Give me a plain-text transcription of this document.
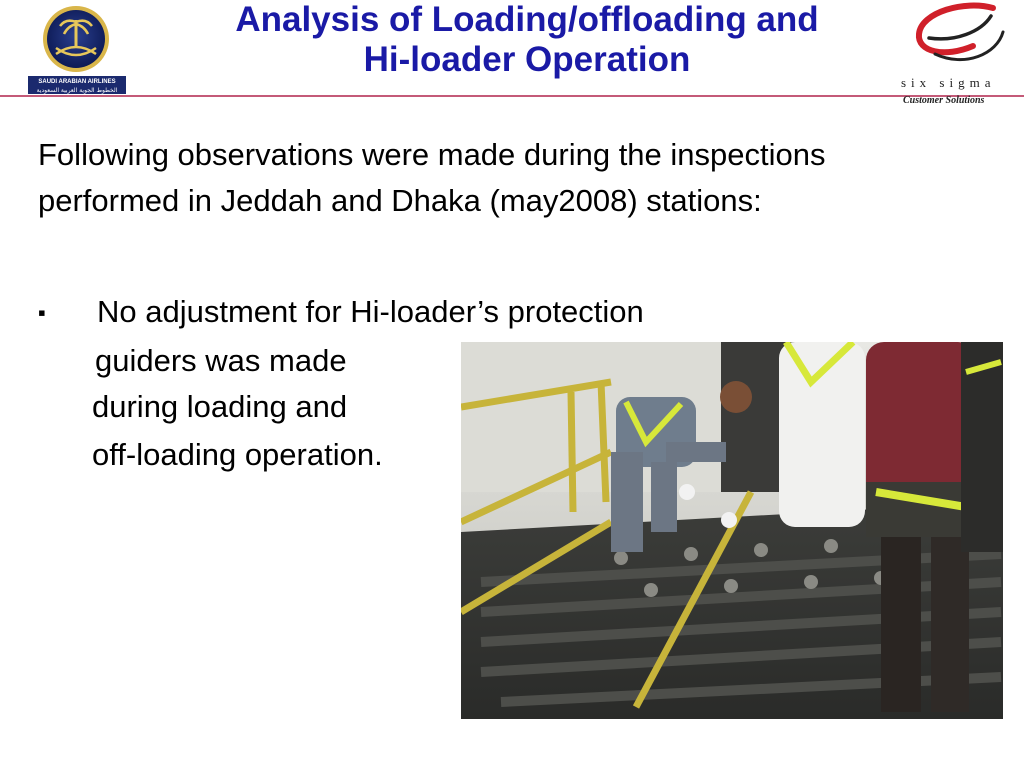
SAUDI ARABIAN AIRLINES
الخطوط الجوية العربية السعودية
Analysis of Loading/offloading and
Hi-loader Operation
six sigma
Customer Solutions

Following observations were made during the inspections performed in Jeddah and Dhaka (may2008) stations:

▪ No adjustment for Hi-loader’s protection
guiders was made
during loading and
off-loading operation.
